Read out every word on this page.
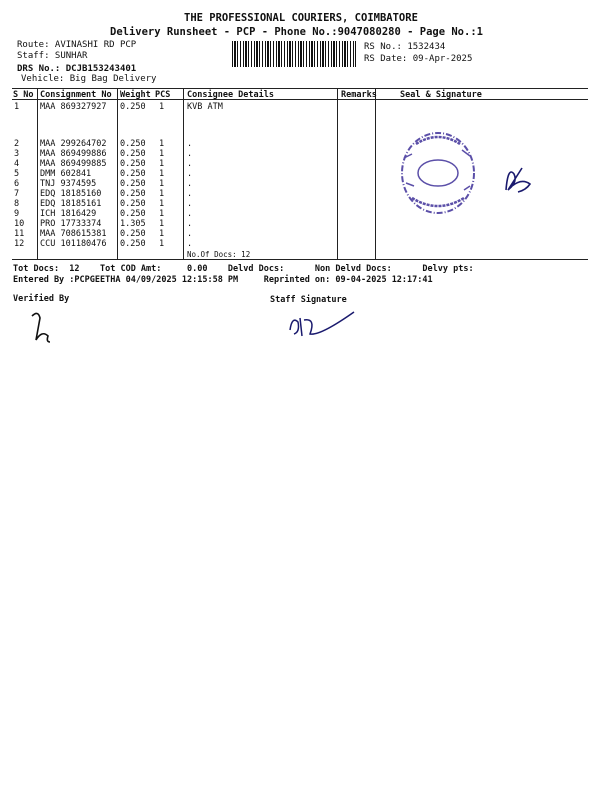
THE PROFESSIONAL COURIERS, COIMBATORE
Delivery Runsheet - PCP - Phone No.:9047080280 - Page No.:1
Route: AVINASHI RD PCP
Staff: SUNHAR
DRS No.: DCJB153243401
Vehicle: Big Bag Delivery
RS No.: 1532434
RS Date: 09-Apr-2025
S No Consignment No Weight PCS Consignee Details	Remarks	Seal & Signature
1 MAA 869327927 0.250 1	KVB ATM
2 MAA 299264702 0.250 1	.
3 MAA 869499886 0.250 1	.
4 MAA 869499885 0.250 1	.
5 DMM 602841	0.250 1	.
6 TNJ 9374595	0.250 1	.
7 EDQ 18185160 0.250 1	.
8 EDQ 18185161 0.250 1	.
9 ICH 1816429	0.250 1	.
10 PRO 17733374 1.305 1	.
11 MAA 708615381 0.250 1	.
12 CCU 101180476 0.250 1	.
No.Of Docs: 12
Tot Docs:  12    Tot COD Amt:     0.00    Delvd Docs:      Non Delvd Docs:      Delvy pts:
Entered By :PCPGEETHA 04/09/2025 12:15:58 PM     Reprinted on: 09-04-2025 12:17:41
Verified By	Staff Signature
